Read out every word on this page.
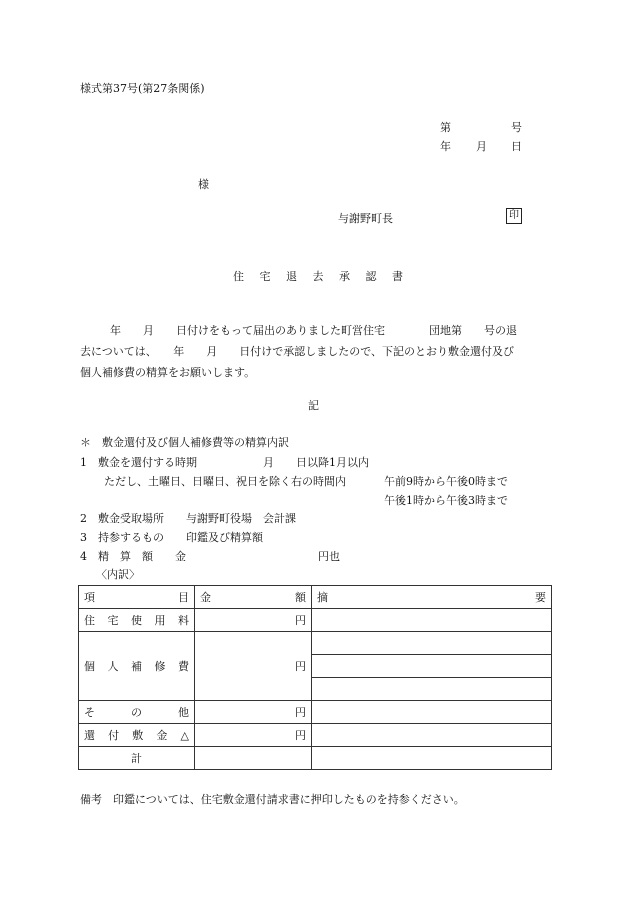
様式第37号(第27条関係)
第	号
年 月 日
様
与謝野町長	印
住 宅 退 去 承 認 書
年　　月　　日付けをもって届出のありました町営住宅　　　　団地第　　号の退
去については、　　年　　月　　日付けで承認しましたので、下記のとおり敷金還付及び
個人補修費の精算をお願いします。
記
＊　敷金還付及び個人補修費等の精算内訳
1　敷金を還付する時期　　　　　　月　　日以降1月以内
ただし、土曜日、日曜日、祝日を除く右の時間内	午前9時から午後0時まで
午後1時から午後3時まで
2　敷金受取場所　　与謝野町役場　会計課
3　持参するもの　　印鑑及び精算額
4　精　算　額　　金	円也
〈内訳〉
項目	金額	摘要
住宅使用料	円	
個人補修費	円	

その他	円	
還付敷金△	円	
計		
備考　印鑑については、住宅敷金還付請求書に押印したものを持参ください。
